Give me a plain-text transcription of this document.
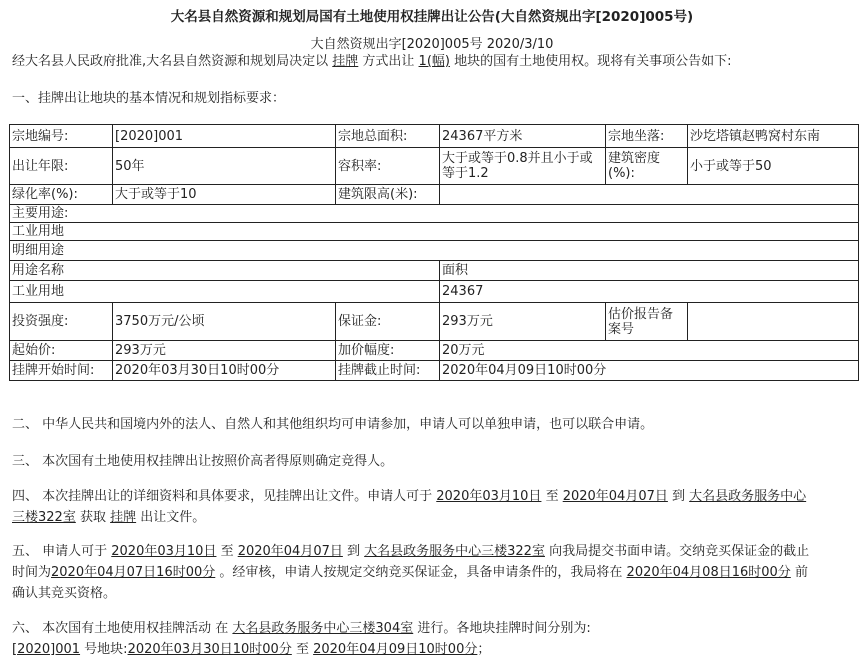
大名县自然资源和规划局国有土地使用权挂牌出让公告(大自然资规出字[2020]005号)
大自然资规出字[2020]005号 2020/3/10
经大名县人民政府批准,大名县自然资源和规划局决定以 挂牌 方式出让 1(幅) 地块的国有土地使用权。现将有关事项公告如下:
一、挂牌出让地块的基本情况和规划指标要求：
宗地编号:	[2020]001	宗地总面积:	24367平方米	宗地坐落:	沙圪塔镇赵鸭窝村东南
出让年限:	50年	容积率:	大于或等于0.8并且小于或等于1.2	建筑密度(%):	小于或等于50
绿化率(%):	大于或等于10	建筑限高(米):			
主要用途:					
工业用地					
明细用途					
用途名称			面积		
工业用地			24367		
投资强度:	3750万元/公顷	保证金:	293万元	估价报告备案号	
起始价:	293万元	加价幅度:	20万元		
挂牌开始时间:	2020年03月30日10时00分	挂牌截止时间:	2020年04月09日10时00分		
二、 中华人民共和国境内外的法人、自然人和其他组织均可申请参加，申请人可以单独申请，也可以联合申请。
三、 本次国有土地使用权挂牌出让按照价高者得原则确定竞得人。
四、 本次挂牌出让的详细资料和具体要求，见挂牌出让文件。申请人可于 2020年03月10日 至 2020年04月07日 到 大名县政务服务中心
三楼322室 获取 挂牌 出让文件。
五、 申请人可于 2020年03月10日 至 2020年04月07日 到 大名县政务服务中心三楼322室 向我局提交书面申请。交纳竞买保证金的截止
时间为2020年04月07日16时00分 。经审核，申请人按规定交纳竞买保证金，具备申请条件的，我局将在 2020年04月08日16时00分 前
确认其竞买资格。
六、 本次国有土地使用权挂牌活动 在 大名县政务服务中心三楼304室 进行。各地块挂牌时间分别为:
[2020]001 号地块:2020年03月30日10时00分 至 2020年04月09日10时00分；
